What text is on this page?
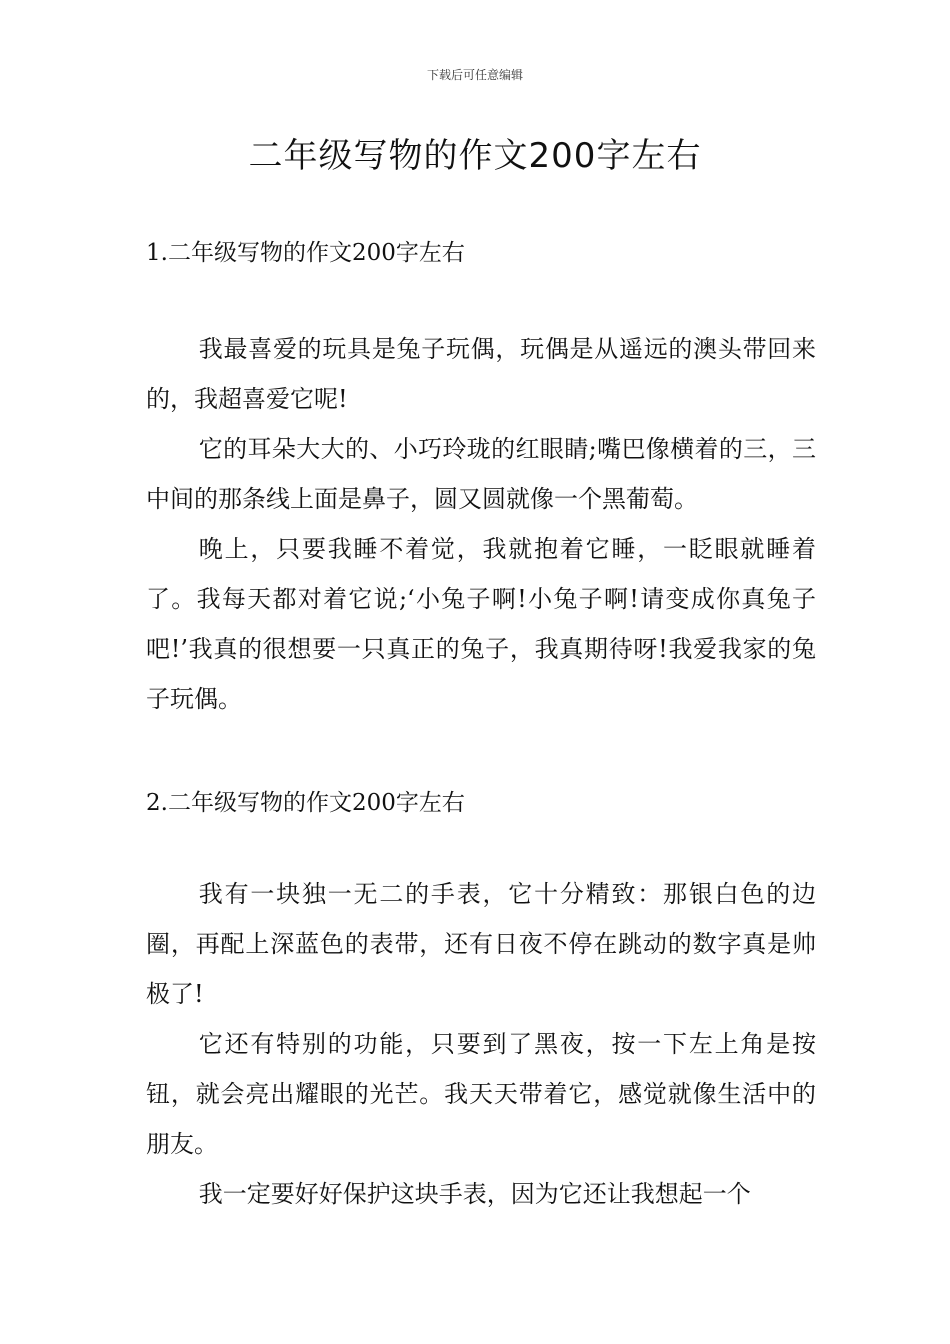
下载后可任意编辑
二年级写物的作文200字左右
1.二年级写物的作文200字左右

我最喜爱的玩具是兔子玩偶，玩偶是从遥远的澳头带回来的，我超喜爱它呢!

它的耳朵大大的、小巧玲珑的红眼睛;嘴巴像横着的三，三中间的那条线上面是鼻子，圆又圆就像一个黑葡萄。

晚上，只要我睡不着觉，我就抱着它睡，一眨眼就睡着了。我每天都对着它说;‘小兔子啊!小兔子啊!请变成你真兔子吧!’我真的很想要一只真正的兔子，我真期待呀!我爱我家的兔子玩偶。

2.二年级写物的作文200字左右

我有一块独一无二的手表，它十分精致：那银白色的边圈，再配上深蓝色的表带，还有日夜不停在跳动的数字真是帅极了!

它还有特别的功能，只要到了黑夜，按一下左上角是按钮，就会亮出耀眼的光芒。我天天带着它，感觉就像生活中的朋友。

我一定要好好保护这块手表，因为它还让我想起一个
